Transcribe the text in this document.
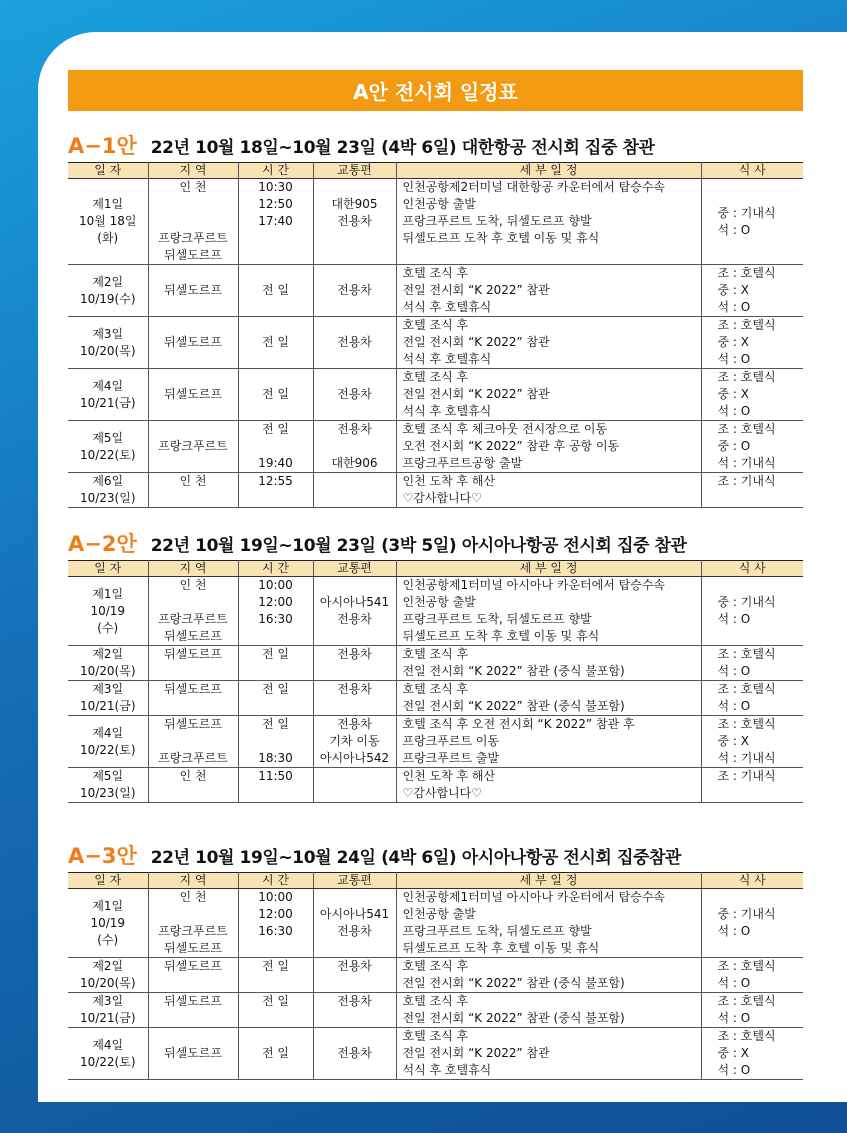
A안 전시회 일정표
A−1안 22년 10월 18일~10월 23일 (4박 6일) 대한항공 전시회 집중 참관
일 자	지 역	시 간	교통편	세 부 일 정	식 사

제1일
10월 18일
(화)	인 천
프랑크푸르트
뒤셀도르프	10:30
12:50
17:40	대한905
전용차	인천공항제2터미널 대한항공 카운터에서 탑승수속
인천공항 출발
프랑크푸르트 도착, 뒤셀도르프 향발
뒤셀도르프 도착 후 호텔 이동 및 휴식	중 : 기내식
석 : O

제2일
10/19(수)	뒤셀도르프	전 일	전용차	호텔 조식 후
전일 전시회 “K 2022” 참관
석식 후 호텔휴식	조 : 호텔식
중 : X
석 : O

제3일
10/20(목)	뒤셀도르프	전 일	전용차	호텔 조식 후
전일 전시회 “K 2022” 참관
석식 후 호텔휴식	조 : 호텔식
중 : X
석 : O

제4일
10/21(금)	뒤셀도르프	전 일	전용차	호텔 조식 후
전일 전시회 “K 2022” 참관
석식 후 호텔휴식	조 : 호텔식
중 : X
석 : O

제5일
10/22(토)	프랑크푸르트	전 일
19:40	전용차
대한906	호텔 조식 후 체크아웃 전시장으로 이동
오전 전시회 “K 2022” 참관 후 공항 이동
프랑크푸르트공항 출발	조 : 호텔식
중 : O
석 : 기내식

제6일
10/23(일)	인 천	12:55		인천 도착 후 해산
♡감사합니다♡	조 : 기내식
A−2안 22년 10월 19일~10월 23일 (3박 5일) 아시아나항공 전시회 집중 참관
일 자	지 역	시 간	교통편	세 부 일 정	식 사

제1일
10/19
(수)	인 천
프랑크푸르트
뒤셀도르프	10:00
12:00
16:30	아시아나541
전용차	인천공항제1터미널 아시아나 카운터에서 탑승수속
인천공항 출발
프랑크푸르트 도착, 뒤셀도르프 향발
뒤셀도르프 도착 후 호텔 이동 및 휴식	중 : 기내식
석 : O

제2일
10/20(목)	뒤셀도르프	전 일	전용차	호텔 조식 후
전일 전시회 “K 2022” 참관 (중식 불포함)	조 : 호텔식
석 : O

제3일
10/21(금)	뒤셀도르프	전 일	전용차	호텔 조식 후
전일 전시회 “K 2022” 참관 (중식 불포함)	조 : 호텔식
석 : O

제4일
10/22(토)	뒤셀도르프
프랑크푸르트	전 일
18:30	전용차
기차 이동
아시아나542	호텔 조식 후 오전 전시회 “K 2022” 참관 후
프랑크푸르트 이동
프랑크푸르트 출발	조 : 호텔식
중 : X
석 : 기내식

제5일
10/23(일)	인 천	11:50		인천 도착 후 해산
♡감사합니다♡	조 : 기내식
A−3안 22년 10월 19일~10월 24일 (4박 6일) 아시아나항공 전시회 집중참관
일 자	지 역	시 간	교통편	세 부 일 정	식 사

제1일
10/19
(수)	인 천
프랑크푸르트
뒤셀도르프	10:00
12:00
16:30	아시아나541
전용차	인천공항제1터미널 아시아나 카운터에서 탑승수속
인천공항 출발
프랑크푸르트 도착, 뒤셀도르프 향발
뒤셀도르프 도착 후 호텔 이동 및 휴식	중 : 기내식
석 : O

제2일
10/20(목)	뒤셀도르프	전 일	전용차	호텔 조식 후
전일 전시회 “K 2022” 참관 (중식 불포함)	조 : 호텔식
석 : O

제3일
10/21(금)	뒤셀도르프	전 일	전용차	호텔 조식 후
전일 전시회 “K 2022” 참관 (중식 불포함)	조 : 호텔식
석 : O

제4일
10/22(토)	뒤셀도르프	전 일	전용차	호텔 조식 후
전일 전시회 “K 2022” 참관
석식 후 호텔휴식	조 : 호텔식
중 : X
석 : O
